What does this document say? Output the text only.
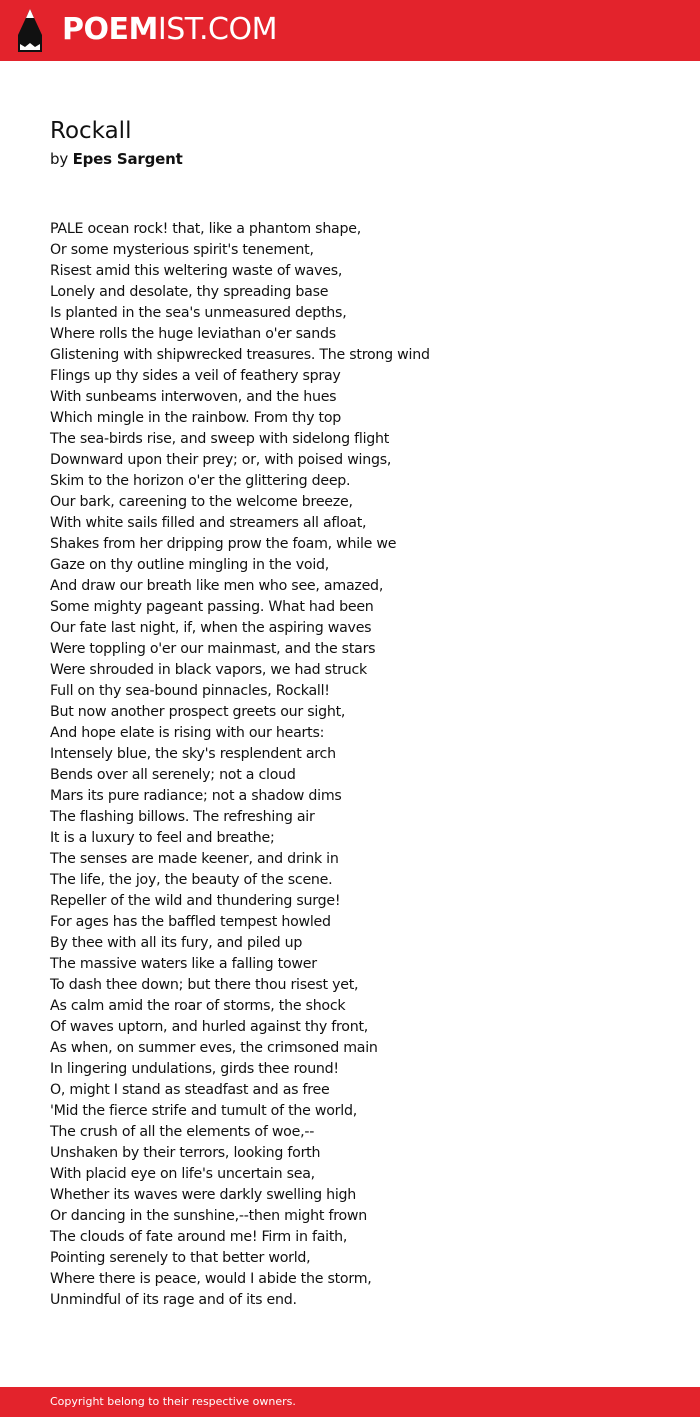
POEMIST.COM
Rockall
by Epes Sargent
PALE ocean rock! that, like a phantom shape,
Or some mysterious spirit's tenement,
Risest amid this weltering waste of waves,
Lonely and desolate, thy spreading base
Is planted in the sea's unmeasured depths,
Where rolls the huge leviathan o'er sands
Glistening with shipwrecked treasures. The strong wind
Flings up thy sides a veil of feathery spray
With sunbeams interwoven, and the hues
Which mingle in the rainbow. From thy top
The sea-birds rise, and sweep with sidelong flight
Downward upon their prey; or, with poised wings,
Skim to the horizon o'er the glittering deep.
Our bark, careening to the welcome breeze,
With white sails filled and streamers all afloat,
Shakes from her dripping prow the foam, while we
Gaze on thy outline mingling in the void,
And draw our breath like men who see, amazed,
Some mighty pageant passing. What had been
Our fate last night, if, when the aspiring waves
Were toppling o'er our mainmast, and the stars
Were shrouded in black vapors, we had struck
Full on thy sea-bound pinnacles, Rockall!
But now another prospect greets our sight,
And hope elate is rising with our hearts:
Intensely blue, the sky's resplendent arch
Bends over all serenely; not a cloud
Mars its pure radiance; not a shadow dims
The flashing billows. The refreshing air
It is a luxury to feel and breathe;
The senses are made keener, and drink in
The life, the joy, the beauty of the scene.
Repeller of the wild and thundering surge!
For ages has the baffled tempest howled
By thee with all its fury, and piled up
The massive waters like a falling tower
To dash thee down; but there thou risest yet,
As calm amid the roar of storms, the shock
Of waves uptorn, and hurled against thy front,
As when, on summer eves, the crimsoned main
In lingering undulations, girds thee round!
O, might I stand as steadfast and as free
'Mid the fierce strife and tumult of the world,
The crush of all the elements of woe,--
Unshaken by their terrors, looking forth
With placid eye on life's uncertain sea,
Whether its waves were darkly swelling high
Or dancing in the sunshine,--then might frown
The clouds of fate around me! Firm in faith,
Pointing serenely to that better world,
Where there is peace, would I abide the storm,
Unmindful of its rage and of its end.
Copyright belong to their respective owners.
